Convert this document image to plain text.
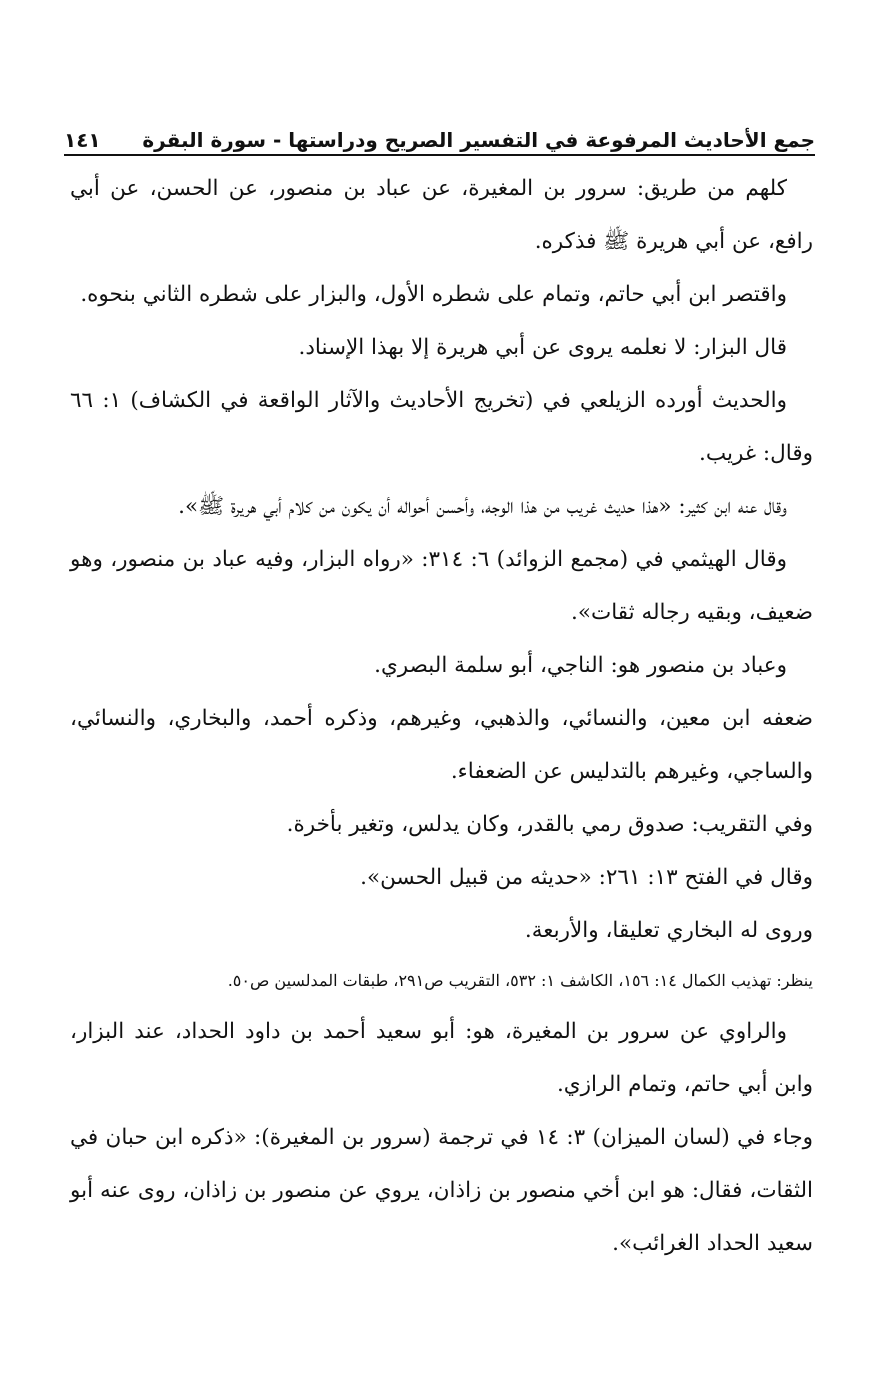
جمع الأحاديث المرفوعة في التفسير الصريح ودراستها - سورة البقرة
١٤١

كلهم من طريق: سرور بن المغيرة، عن عباد بن منصور، عن الحسن، عن أبي رافع، عن أبي هريرة ﷺ فذكره.

واقتصر ابن أبي حاتم، وتمام على شطره الأول، والبزار على شطره الثاني بنحوه.

قال البزار: لا نعلمه يروى عن أبي هريرة إلا بهذا الإسناد.

والحديث أورده الزيلعي في (تخريج الأحاديث والآثار الواقعة في الكشاف) ١: ٦٦ وقال: غريب.

وقال عنه ابن كثير: «هذا حديث غريب من هذا الوجه، وأحسن أحواله أن يكون من كلام أبي هريرة ﷺ».

وقال الهيثمي في (مجمع الزوائد) ٦: ٣١٤: «رواه البزار، وفيه عباد بن منصور، وهو ضعيف، وبقيه رجاله ثقات».

وعباد بن منصور هو: الناجي، أبو سلمة البصري.

ضعفه ابن معين، والنسائي، والذهبي، وغيرهم، وذكره أحمد، والبخاري، والنسائي، والساجي، وغيرهم بالتدليس عن الضعفاء.

وفي التقريب: صدوق رمي بالقدر، وكان يدلس، وتغير بأخرة.

وقال في الفتح ١٣: ٢٦١: «حديثه من قبيل الحسن».

وروى له البخاري تعليقا، والأربعة.

ينظر: تهذيب الكمال ١٤: ١٥٦، الكاشف ١: ٥٣٢، التقريب ص٢٩١، طبقات المدلسين ص٥٠.

والراوي عن سرور بن المغيرة، هو: أبو سعيد أحمد بن داود الحداد، عند البزار، وابن أبي حاتم، وتمام الرازي.

وجاء في (لسان الميزان) ٣: ١٤ في ترجمة (سرور بن المغيرة): «ذكره ابن حبان في الثقات، فقال: هو ابن أخي منصور بن زاذان، يروي عن منصور بن زاذان، روى عنه أبو سعيد الحداد الغرائب».
